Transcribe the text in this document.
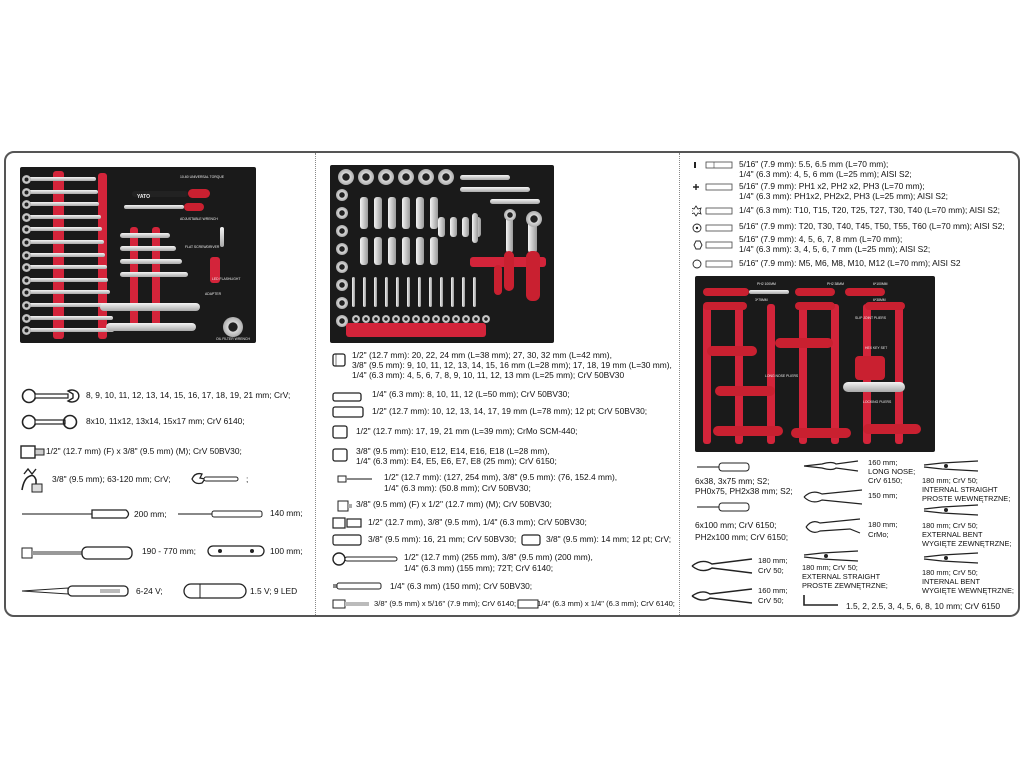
YATO
10-60 UNIVERSAL TORQUE
ADJUSTABLE WRENCH
FLAT SCREWDRIVER
LED FLASHLIGHT
ADAPTER
OIL FILTER WRENCH
8, 9, 10, 11, 12, 13, 14, 15, 16, 17, 18, 19, 21 mm; CrV;
8x10, 11x12, 13x14, 15x17 mm; CrV 6140;
1/2" (12.7 mm) (F) x 3/8" (9.5 mm) (M); CrV 50BV30;
3/8" (9.5 mm); 63-120 mm; CrV;	;
200 mm;	140 mm;
190 - 770 mm;	100 mm;
6-24 V;	1.5 V; 9 LED
1/2" (12.7 mm): 20, 22, 24 mm (L=38 mm); 27, 30, 32 mm (L=42 mm),
3/8" (9.5 mm): 9, 10, 11, 12, 13, 14, 15, 16 mm (L=28 mm); 17, 18, 19 mm (L=30 mm),
1/4" (6.3 mm): 4, 5, 6, 7, 8, 9, 10, 11, 12, 13 mm (L=25 mm); CrV 50BV30
1/4" (6.3 mm): 8, 10, 11, 12 (L=50 mm); CrV 50BV30;
1/2" (12.7 mm): 10, 12, 13, 14, 17, 19 mm (L=78 mm); 12 pt; CrV 50BV30;
1/2" (12.7 mm): 17, 19, 21 mm (L=39 mm); CrMo SCM-440;
3/8" (9.5 mm): E10, E12, E14, E16, E18 (L=28 mm),
1/4" (6.3 mm): E4, E5, E6, E7, E8 (25 mm); CrV 6150;
1/2" (12.7 mm): (127, 254 mm), 3/8" (9.5 mm): (76, 152.4 mm),
1/4" (6.3 mm): (50.8 mm); CrV 50BV30;
3/8" (9.5 mm) (F) x 1/2" (12.7 mm) (M); CrV 50BV30;
1/2" (12.7 mm), 3/8" (9.5 mm), 1/4" (6.3 mm); CrV 50BV30;
3/8" (9.5 mm): 16, 21 mm; CrV 50BV30;	3/8" (9.5 mm): 14 mm; 12 pt; CrV;
1/2" (12.7 mm) (255 mm), 3/8" (9.5 mm) (200 mm),
1/4" (6.3 mm) (155 mm); 72T; CrV 6140;
1/4" (6.3 mm) (150 mm); CrV 50BV30;
3/8" (9.5 mm) x 5/16" (7.9 mm); CrV 6140;	1/4" (6.3 mm) x 1/4" (6.3 mm); CrV 6140;
5/16" (7.9 mm): 5.5, 6.5 mm (L=70 mm);
1/4" (6.3 mm): 4, 5, 6 mm (L=25 mm); AISI S2;
5/16" (7.9 mm): PH1 x2, PH2 x2, PH3 (L=70 mm);
1/4" (6.3 mm): PH1x2, PH2x2, PH3 (L=25 mm); AISI S2;
1/4" (6.3 mm): T10, T15, T20, T25, T27, T30, T40 (L=70 mm); AISI S2;
5/16" (7.9 mm): T20, T30, T40, T45, T50, T55, T60 (L=70 mm); AISI S2;
5/16" (7.9 mm): 4, 5, 6, 7, 8 mm (L=70 mm);
1/4" (6.3 mm): 3, 4, 5, 6, 7 mm (L=25 mm); AISI S2;
5/16" (7.9 mm): M5, M6, M8, M10, M12 (L=70 mm); AISI S2
PH2 100MM	PH2 38MM	6*100MM
3*75MM	6*38MM
SLIP JOINT PLIERS
HEX KEY SET
LONG NOSE PLIERS
LOCKING PLIERS
6x38, 3x75 mm; S2;
PH0x75, PH2x38 mm; S2;
6x100 mm; CrV 6150;
PH2x100 mm; CrV 6150;
180 mm;
CrV 50;
160 mm;
CrV 50;
160 mm;
LONG NOSE;
CrV 6150;
150 mm;
180 mm;
CrMo;
180 mm; CrV 50;
EXTERNAL STRAIGHT
PROSTE ZEWNĘTRZNE;
180 mm; CrV 50;
INTERNAL STRAIGHT
PROSTE WEWNĘTRZNE;
180 mm; CrV 50;
EXTERNAL BENT
WYGIĘTE ZEWNĘTRZNE;
180 mm; CrV 50;
INTERNAL BENT
WYGIĘTE WEWNĘTRZNE;
1.5, 2, 2.5, 3, 4, 5, 6, 8, 10 mm; CrV 6150
